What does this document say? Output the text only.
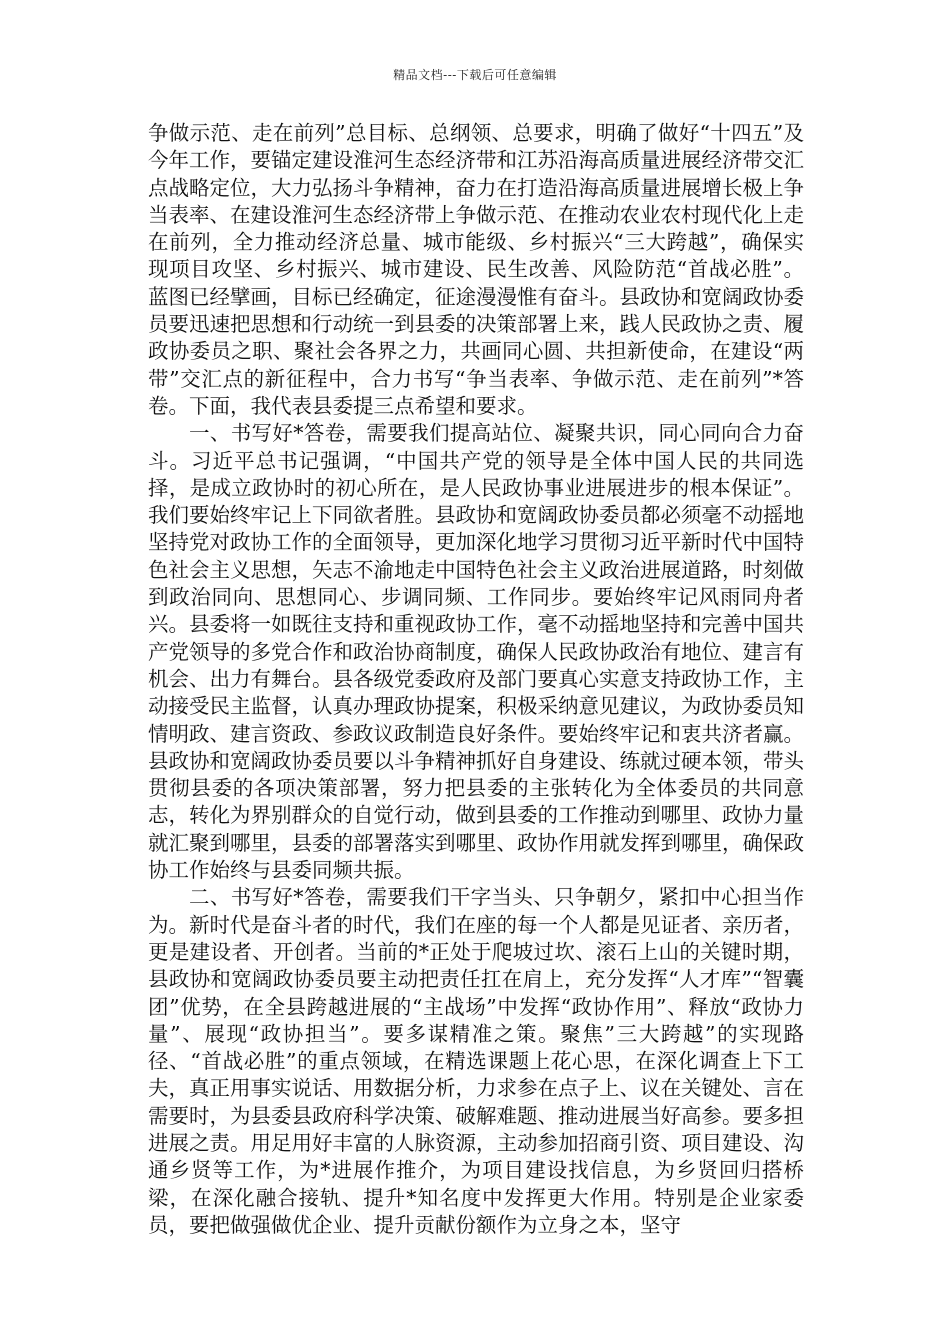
精品文档---下载后可任意编辑

争做示范、走在前列”总目标、总纲领、总要求，明确了做好“十四五”及今年工作，要锚定建设淮河生态经济带和江苏沿海高质量进展经济带交汇点战略定位，大力弘扬斗争精神，奋力在打造沿海高质量进展增长极上争当表率、在建设淮河生态经济带上争做示范、在推动农业农村现代化上走在前列，全力推动经济总量、城市能级、乡村振兴“三大跨越”，确保实现项目攻坚、乡村振兴、城市建设、民生改善、风险防范“首战必胜”。蓝图已经擘画，目标已经确定，征途漫漫惟有奋斗。县政协和宽阔政协委员要迅速把思想和行动统一到县委的决策部署上来，践人民政协之责、履政协委员之职、聚社会各界之力，共画同心圆、共担新使命，在建设“两带”交汇点的新征程中，合力书写“争当表率、争做示范、走在前列”*答卷。下面，我代表县委提三点希望和要求。

一、书写好*答卷，需要我们提高站位、凝聚共识，同心同向合力奋斗。习近平总书记强调，“中国共产党的领导是全体中国人民的共同选择，是成立政协时的初心所在，是人民政协事业进展进步的根本保证”。我们要始终牢记上下同欲者胜。县政协和宽阔政协委员都必须毫不动摇地坚持党对政协工作的全面领导，更加深化地学习贯彻习近平新时代中国特色社会主义思想，矢志不渝地走中国特色社会主义政治进展道路，时刻做到政治同向、思想同心、步调同频、工作同步。要始终牢记风雨同舟者兴。县委将一如既往支持和重视政协工作，毫不动摇地坚持和完善中国共产党领导的多党合作和政治协商制度，确保人民政协政治有地位、建言有机会、出力有舞台。县各级党委政府及部门要真心实意支持政协工作，主动接受民主监督，认真办理政协提案，积极采纳意见建议，为政协委员知情明政、建言资政、参政议政制造良好条件。要始终牢记和衷共济者赢。县政协和宽阔政协委员要以斗争精神抓好自身建设、练就过硬本领，带头贯彻县委的各项决策部署，努力把县委的主张转化为全体委员的共同意志，转化为界别群众的自觉行动，做到县委的工作推动到哪里、政协力量就汇聚到哪里，县委的部署落实到哪里、政协作用就发挥到哪里，确保政协工作始终与县委同频共振。

二、书写好*答卷，需要我们干字当头、只争朝夕，紧扣中心担当作为。新时代是奋斗者的时代，我们在座的每一个人都是见证者、亲历者，更是建设者、开创者。当前的*正处于爬坡过坎、滚石上山的关键时期，县政协和宽阔政协委员要主动把责任扛在肩上，充分发挥“人才库”“智囊团”优势，在全县跨越进展的“主战场”中发挥“政协作用”、释放“政协力量”、展现“政协担当”。要多谋精准之策。聚焦”三大跨越”的实现路径、“首战必胜”的重点领域，在精选课题上花心思，在深化调查上下工夫，真正用事实说话、用数据分析，力求参在点子上、议在关键处、言在需要时，为县委县政府科学决策、破解难题、推动进展当好高参。要多担进展之责。用足用好丰富的人脉资源，主动参加招商引资、项目建设、沟通乡贤等工作，为*进展作推介，为项目建设找信息，为乡贤回归搭桥梁，在深化融合接轨、提升*知名度中发挥更大作用。特别是企业家委员，要把做强做优企业、提升贡献份额作为立身之本，坚守
